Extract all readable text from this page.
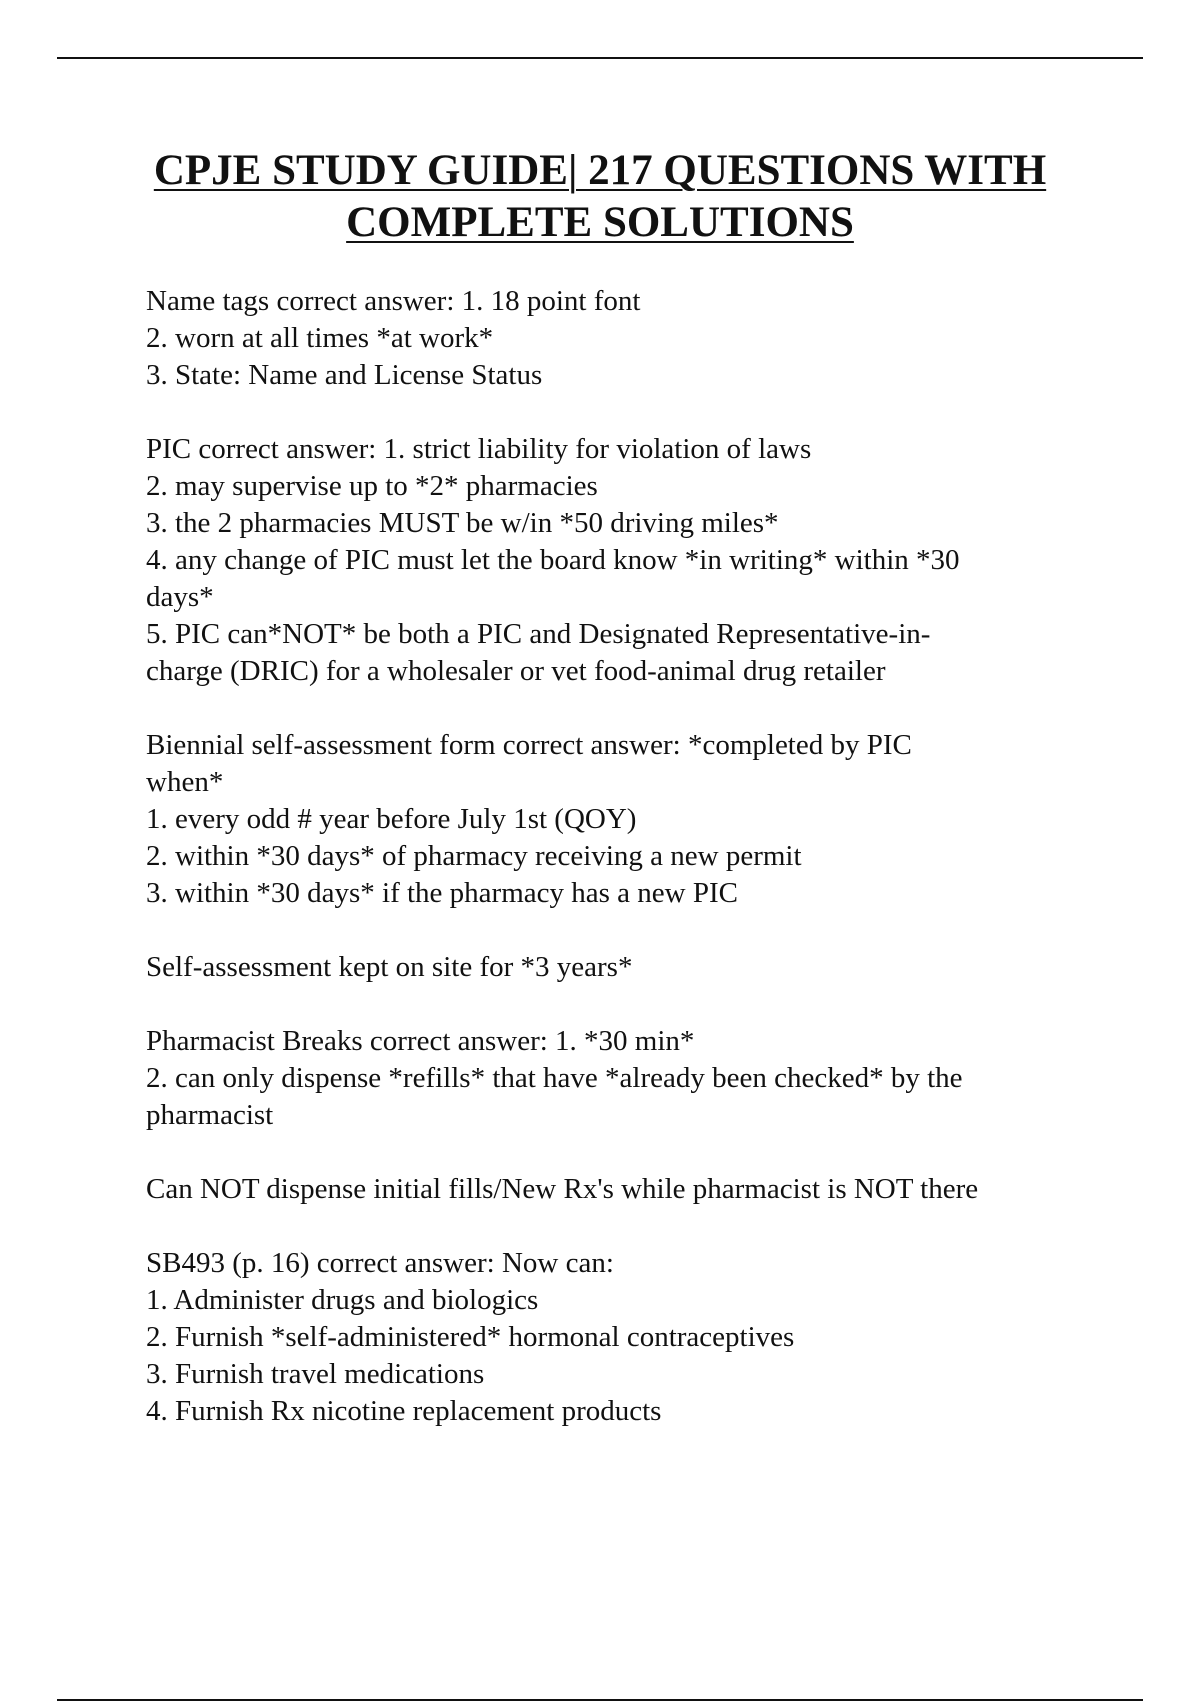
CPJE STUDY GUIDE| 217 QUESTIONS WITH
COMPLETE SOLUTIONS
Name tags correct answer: 1. 18 point font
2. worn at all times *at work*
3. State: Name and License Status
PIC correct answer: 1. strict liability for violation of laws
2. may supervise up to *2* pharmacies
3. the 2 pharmacies MUST be w/in *50 driving miles*
4. any change of PIC must let the board know *in writing* within *30
days*
5. PIC can*NOT* be both a PIC and Designated Representative-in-
charge (DRIC) for a wholesaler or vet food-animal drug retailer
Biennial self-assessment form correct answer: *completed by PIC
when*
1. every odd # year before July 1st (QOY)
2. within *30 days* of pharmacy receiving a new permit
3. within *30 days* if the pharmacy has a new PIC
Self-assessment kept on site for *3 years*
Pharmacist Breaks correct answer: 1. *30 min*
2. can only dispense *refills* that have *already been checked* by the
pharmacist
Can NOT dispense initial fills/New Rx's while pharmacist is NOT there
SB493 (p. 16) correct answer: Now can:
1. Administer drugs and biologics
2. Furnish *self-administered* hormonal contraceptives
3. Furnish travel medications
4. Furnish Rx nicotine replacement products
